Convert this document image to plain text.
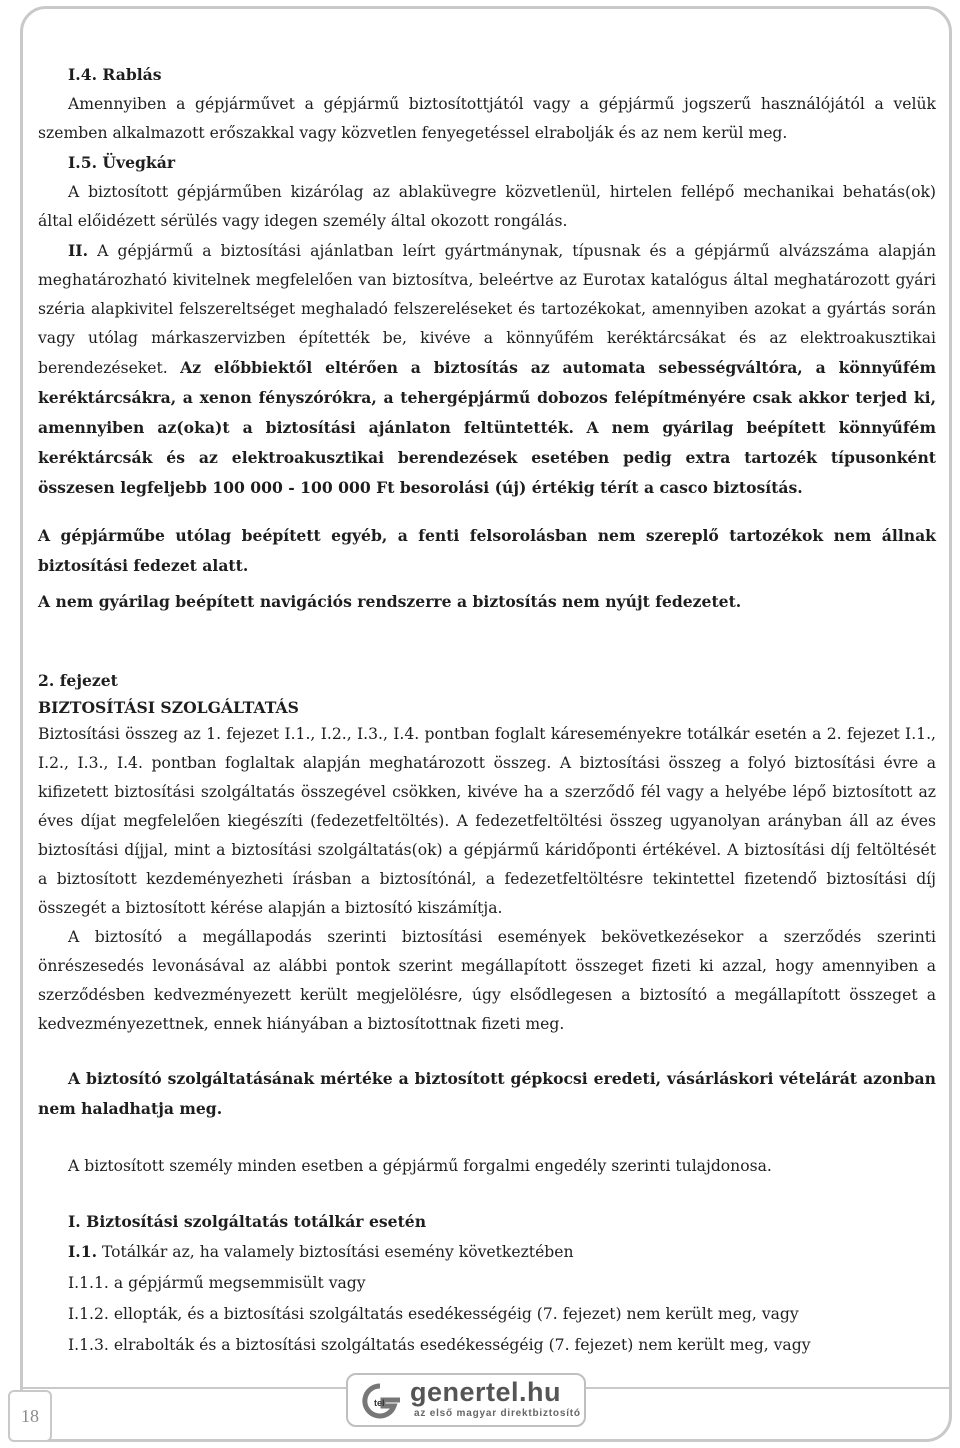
I.4. Rablás

Amennyiben a gépjárművet a gépjármű biztosítottjától vagy a gépjármű jogszerű használójától a velük szemben alkalmazott erőszakkal vagy közvetlen fenyegetéssel elrabolják és az nem kerül meg.

I.5. Üvegkár

A biztosított gépjárműben kizárólag az ablaküvegre közvetlenül, hirtelen fellépő mechanikai behatás(ok) által előidézett sérülés vagy idegen személy által okozott rongálás.

II. A gépjármű a biztosítási ajánlatban leírt gyártmánynak, típusnak és a gépjármű alvázszáma alapján meghatározható kivitelnek megfelelően van biztosítva, beleértve az Eurotax katalógus által meghatározott gyári széria alapkivitel felszereltséget meghaladó felszereléseket és tartozékokat, amennyiben azokat a gyártás során vagy utólag márkaszervizben építették be, kivéve a könnyűfém keréktárcsákat és az elektroakusztikai berendezéseket. Az előbbiektől eltérően a biztosítás az automata sebességváltóra, a könnyűfém keréktárcsákra, a xenon fényszórókra, a tehergépjármű dobozos felépítményére csak akkor terjed ki, amennyiben az(oka)t a biztosítási ajánlaton feltüntették. A nem gyárilag beépített könnyűfém keréktárcsák és az elektroakusztikai berendezések esetében pedig extra tartozék típusonként összesen legfeljebb 100 000 - 100 000 Ft besorolási (új) értékig térít a casco biztosítás.

A gépjárműbe utólag beépített egyéb, a fenti felsorolásban nem szereplő tartozékok nem állnak biztosítási fedezet alatt.

A nem gyárilag beépített navigációs rendszerre a biztosítás nem nyújt fedezetet.

2. fejezet

BIZTOSÍTÁSI SZOLGÁLTATÁS

Biztosítási összeg az 1. fejezet I.1., I.2., I.3., I.4. pontban foglalt káreseményekre totálkár esetén a 2. fejezet I.1., I.2., I.3., I.4. pontban foglaltak alapján meghatározott összeg. A biztosítási összeg a folyó biztosítási évre a kifizetett biztosítási szolgáltatás összegével csökken, kivéve ha a szerződő fél vagy a helyébe lépő biztosított az éves díjat megfelelően kiegészíti (fedezetfeltöltés). A fedezetfeltöltési összeg ugyanolyan arányban áll az éves biztosítási díjjal, mint a biztosítási szolgáltatás(ok) a gépjármű káridőponti értékével. A biztosítási díj feltöltését a biztosított kezdeményezheti írásban a biztosítónál, a fedezetfeltöltésre tekintettel fizetendő biztosítási díj összegét a biztosított kérése alapján a biztosító kiszámítja.

A biztosító a megállapodás szerinti biztosítási események bekövetkezésekor a szerződés szerinti önrészesedés levonásával az alábbi pontok szerint megállapított összeget fizeti ki azzal, hogy amennyiben a szerződésben kedvezményezett került megjelölésre, úgy elsődlegesen a biztosító a megállapított összeget a kedvezményezettnek, ennek hiányában a biztosítottnak fizeti meg.

A biztosító szolgáltatásának mértéke a biztosított gépkocsi eredeti, vásárláskori vételárát azonban nem haladhatja meg.

A biztosított személy minden esetben a gépjármű forgalmi engedély szerinti tulajdonosa.

I. Biztosítási szolgáltatás totálkár esetén

I.1. Totálkár az, ha valamely biztosítási esemény következtében

I.1.1. a gépjármű megsemmisült vagy

I.1.2. ellopták, és a biztosítási szolgáltatás esedékességéig (7. fejezet) nem került meg, vagy

I.1.3. elrabolták és a biztosítási szolgáltatás esedékességéig (7. fejezet) nem került meg, vagy

18
tel genertel.hu
az első magyar direktbiztosító
